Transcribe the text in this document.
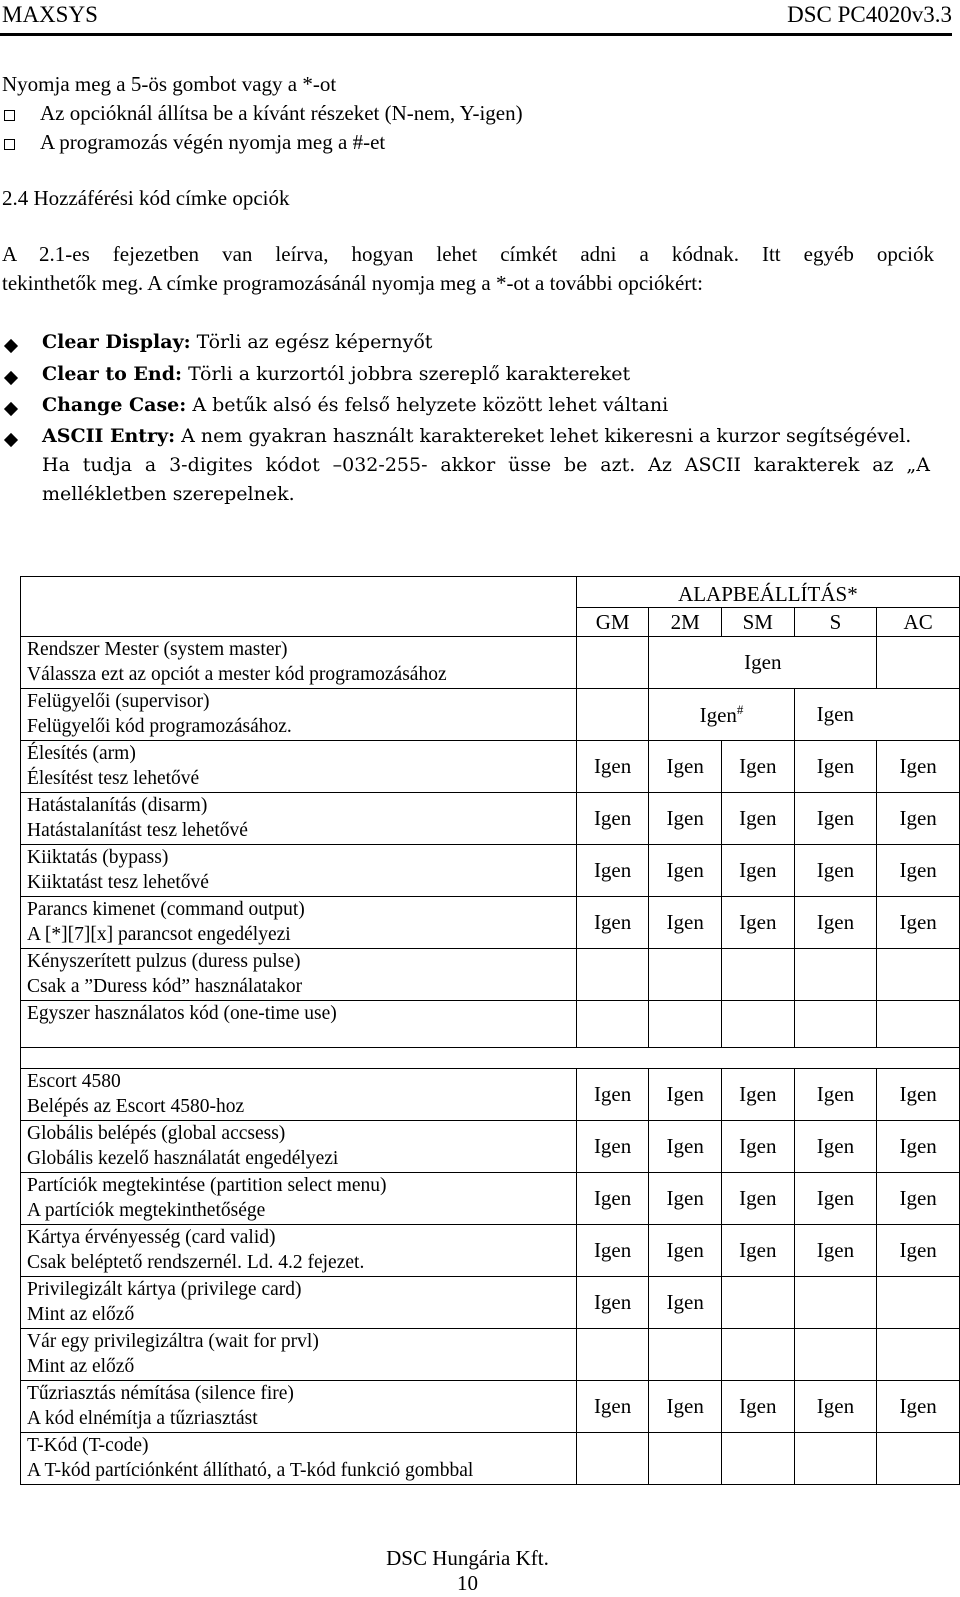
MAXSYS	DSC PC4020v3.3
Nyomja meg a 5-ös gombot vagy a *-ot
Az opcióknál állítsa be a kívánt részeket (N-nem, Y-igen)
A programozás végén nyomja meg a #-et
2.4 Hozzáférési kód címke opciók
A 2.1-es fejezetben van leírva, hogyan lehet címkét adni a kódnak. Itt egyéb opciók
tekinthetők meg. A címke programozásánál nyomja meg a *-ot a további opciókért:
Clear Display: Törli az egész képernyőt
Clear to End: Törli a kurzortól jobbra szereplő karaktereket
Change Case: A betűk alsó és felső helyzete között lehet váltani
ASCII Entry: A nem gyakran használt karaktereket lehet kikeresni a kurzor segítségével.
Ha tudja a 3-digites kódot –032-255- akkor üsse be azt. Az ASCII karakterek az „A
mellékletben szerepelnek.
	ALAPBEÁLLÍTÁS*				
	GM	2M	SM	S	AC

Rendszer Mester (system master)
Válassza ezt az opciót a mester kód programozásához		Igen			

Felügyelői (supervisor)
Felügyelői kód programozásához.		Igen#		Igen	

Élesítés (arm)
Élesítést tesz lehetővé	Igen	Igen	Igen	Igen	Igen

Hatástalanítás (disarm)
Hatástalanítást tesz lehetővé	Igen	Igen	Igen	Igen	Igen

Kiiktatás (bypass)
Kiiktatást tesz lehetővé	Igen	Igen	Igen	Igen	Igen

Parancs kimenet (command output)
A [*][7][x] parancsot engedélyezi	Igen	Igen	Igen	Igen	Igen

Kényszerített pulzus (duress pulse)
Csak a ”Duress kód” használatakor					

Egyszer használatos kód (one-time use)					

Escort 4580
Belépés az Escort 4580-hoz	Igen	Igen	Igen	Igen	Igen

Globális belépés (global accsess)
Globális kezelő használatát engedélyezi	Igen	Igen	Igen	Igen	Igen

Partíciók megtekintése (partition select menu)
A partíciók megtekinthetősége	Igen	Igen	Igen	Igen	Igen

Kártya érvényesség (card valid)
Csak beléptető rendszernél. Ld. 4.2 fejezet.	Igen	Igen	Igen	Igen	Igen

Privilegizált kártya (privilege card)
Mint az előző	Igen	Igen			

Vár egy privilegizáltra (wait for prvl)
Mint az előző					

Tűzriasztás némítása (silence fire)
A kód elnémítja a tűzriasztást	Igen	Igen	Igen	Igen	Igen

T-Kód (T-code)
A T-kód partíciónként állítható, a T-kód funkció gombbal					

DSC Hungária Kft.
10
